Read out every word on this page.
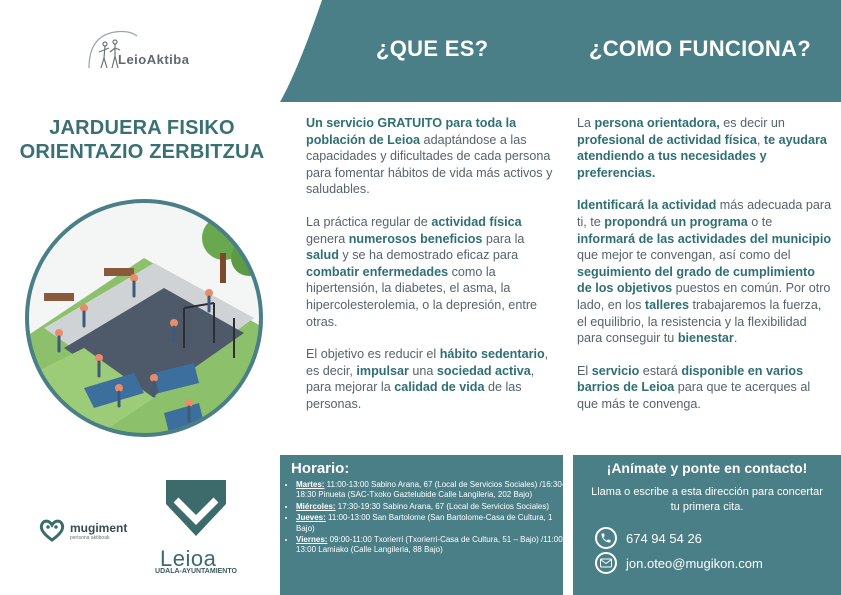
¿QUE ES?	¿COMO FUNCIONA?
LeioAktiba
JARDUERA FISIKO
ORIENTAZIO ZERBITZUA

Un servicio GRATUITO para toda la población de Leioa adaptándose a las capacidades y dificultades de cada persona para fomentar hábitos de vida más activos y saludables.

La práctica regular de actividad física genera numerosos beneficios para la salud y se ha demostrado eficaz para combatir enfermedades como la hipertensión, la diabetes, el asma, la hipercolesterolemia, o la depresión, entre otras.

El objetivo es reducir el hábito sedentario, es decir, impulsar una sociedad activa, para mejorar la calidad de vida de las personas.

La persona orientadora, es decir un profesional de actividad física, te ayudara atendiendo a tus necesidades y preferencias.

Identificará la actividad más adecuada para ti, te propondrá un programa o te informará de las actividades del municipio que mejor te convengan, así como del seguimiento del grado de cumplimiento de los objetivos puestos en común. Por otro lado, en los talleres trabajaremos la fuerza, el equilibrio, la resistencia y la flexibilidad para conseguir tu bienestar.

El servicio estará disponible en varios barrios de Leioa para que te acerques al que más te convenga.

Horario:
• Martes: 11:00-13:00 Sabino Arana, 67 (Local de Servicios Sociales) /16:30-18:30 Pinueta (SAC-Txoko Gaztelubide Calle Langileria, 202 Bajo)
• Miércoles: 17:30-19:30 Sabino Arana, 67 (Local de Servicios Sociales)
• Jueves: 11:00-13:00 San Bartolome (San Bartolome-Casa de Cultura, 1 Bajo)
• Viernes: 09:00-11:00 Txorierri (Txorierri-Casa de Cultura, 51 – Bajo) /11:00-13:00 Lamiako (Calle Langileria, 88 Bajo)
¡Anímate y ponte en contacto!
Llama o escribe a esta dirección para concertar tu primera cita.
674 94 54 26
jon.oteo@mugikon.com
mugiment
pertsona aktiboak
Leioa
UDALA-AYUNTAMIENTO
